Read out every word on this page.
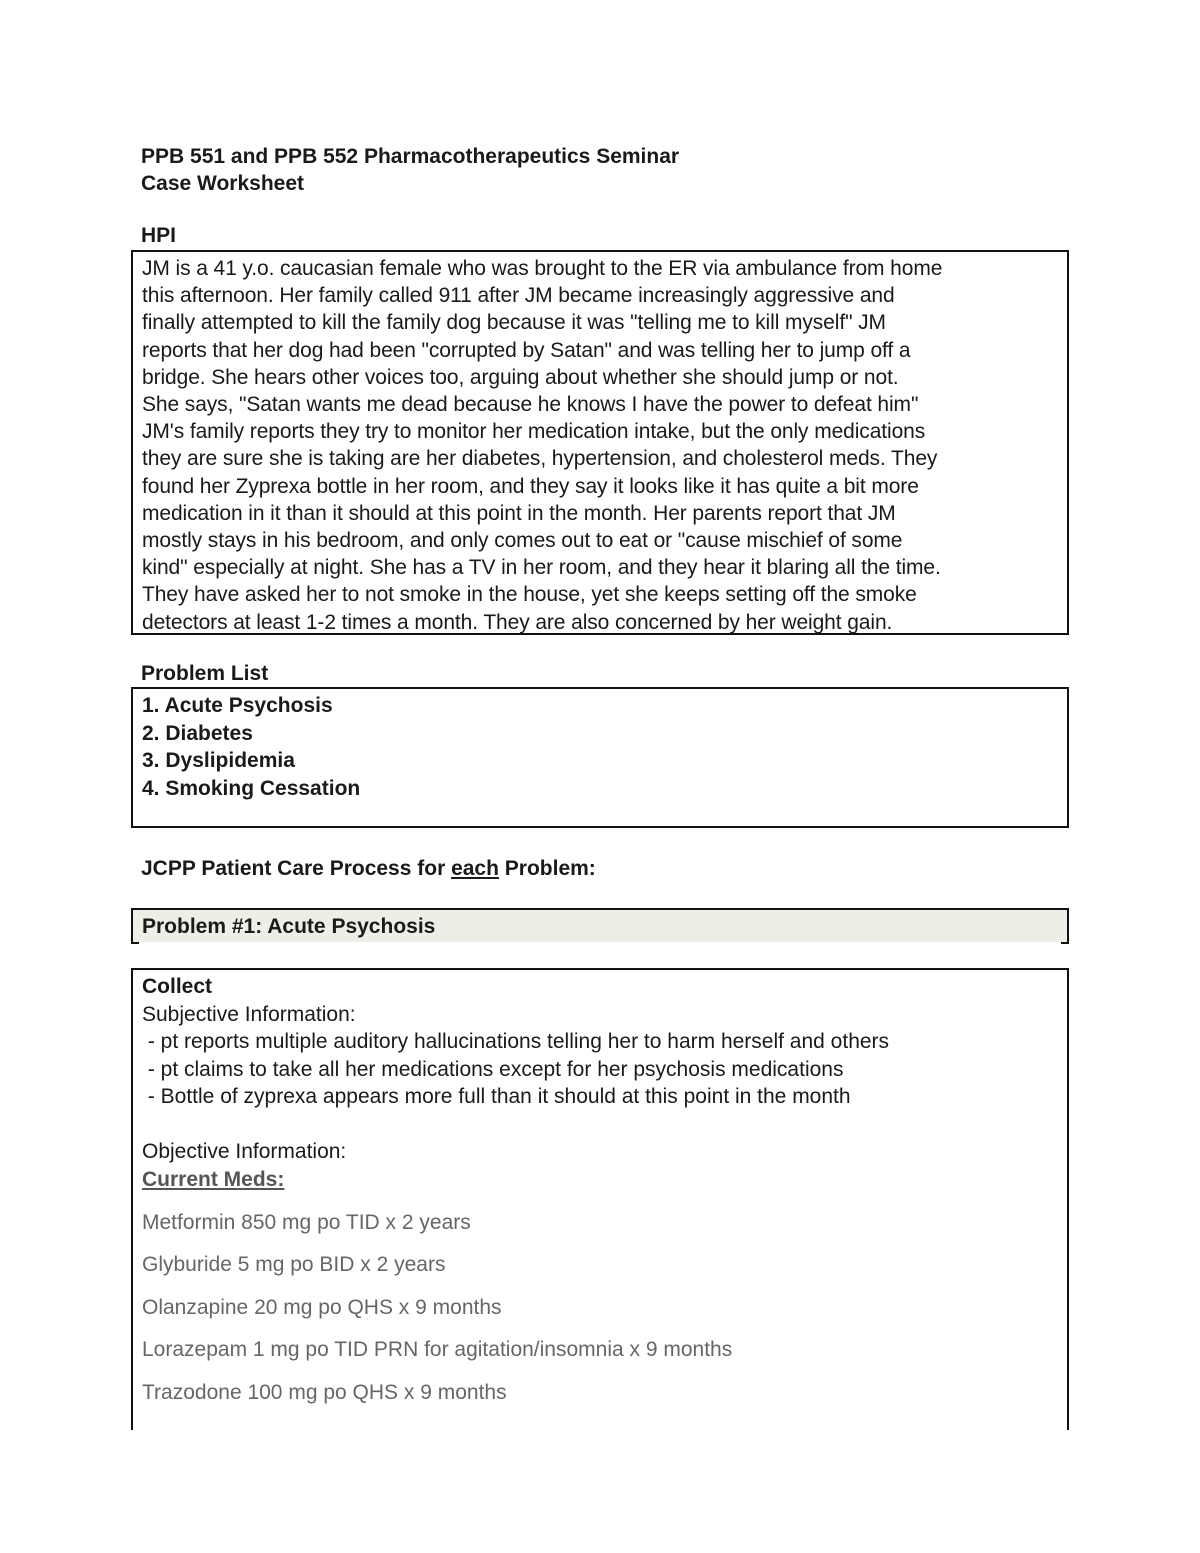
PPB 551 and PPB 552 Pharmacotherapeutics Seminar
Case Worksheet
HPI
JM is a 41 y.o. caucasian female who was brought to the ER via ambulance from home
this afternoon. Her family called 911 after JM became increasingly aggressive and
finally attempted to kill the family dog because it was "telling me to kill myself" JM
reports that her dog had been "corrupted by Satan" and was telling her to jump off a
bridge. She hears other voices too, arguing about whether she should jump or not.
She says, "Satan wants me dead because he knows I have the power to defeat him"
JM's family reports they try to monitor her medication intake, but the only medications
they are sure she is taking are her diabetes, hypertension, and cholesterol meds. They
found her Zyprexa bottle in her room, and they say it looks like it has quite a bit more
medication in it than it should at this point in the month. Her parents report that JM
mostly stays in his bedroom, and only comes out to eat or "cause mischief of some
kind" especially at night. She has a TV in her room, and they hear it blaring all the time.
They have asked her to not smoke in the house, yet she keeps setting off the smoke
detectors at least 1-2 times a month. They are also concerned by her weight gain.
Problem List
1. Acute Psychosis
2. Diabetes
3. Dyslipidemia
4. Smoking Cessation
JCPP Patient Care Process for each Problem:
Problem #1: Acute Psychosis
Collect
Subjective Information:
- pt reports multiple auditory hallucinations telling her to harm herself and others
- pt claims to take all her medications except for her psychosis medications
- Bottle of zyprexa appears more full than it should at this point in the month
Objective Information:
Current Meds:
Metformin 850 mg po TID x 2 years
Glyburide 5 mg po BID x 2 years
Olanzapine 20 mg po QHS x 9 months
Lorazepam 1 mg po TID PRN for agitation/insomnia x 9 months
Trazodone 100 mg po QHS x 9 months
